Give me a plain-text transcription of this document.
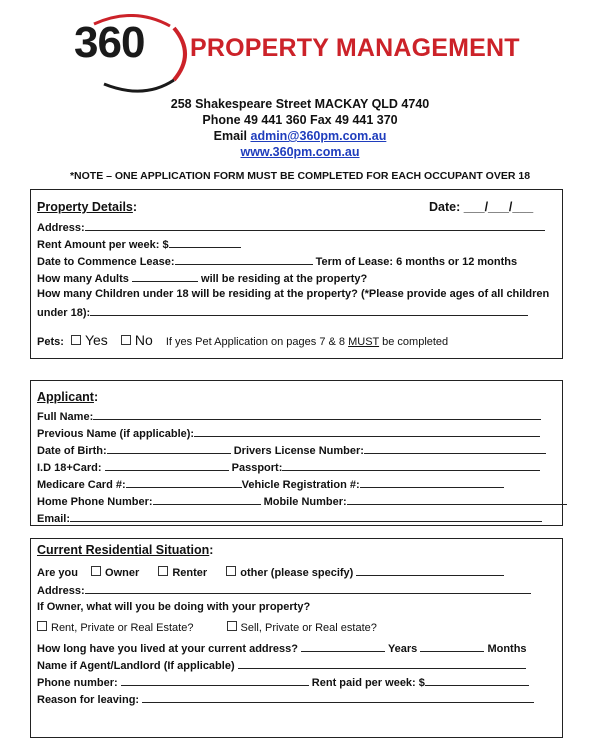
360 PROPERTY MANAGEMENT
258 Shakespeare Street MACKAY QLD 4740
Phone 49 441 360 Fax 49 441 370
Email admin@360pm.com.au
www.360pm.com.au
*NOTE – ONE APPLICATION FORM MUST BE COMPLETED FOR EACH OCCUPANT OVER 18
Property Details:	Date: ___/___/___
Address:
Rent Amount per week: $
Date to Commence Lease:	Term of Lease: 6 months or 12 months
How many Adults	will be residing at the property?
How many Children under 18 will be residing at the property? (*Please provide ages of all children
under 18):
Pets: Yes No If yes Pet Application on pages 7 & 8 MUST be completed
Applicant:
Full Name:
Previous Name (if applicable):
Date of Birth:	Drivers License Number:
I.D 18+Card:	Passport:
Medicare Card #:	Vehicle Registration #:
Home Phone Number:	Mobile Number:
Email:
Current Residential Situation:
Are you Owner	Renter	other (please specify)
Address:
If Owner, what will you be doing with your property?
Rent, Private or Real Estate?	Sell, Private or Real estate?
How long have you lived at your current address?	Years	Months
Name if Agent/Landlord (If applicable)
Phone number:	Rent paid per week: $
Reason for leaving:
